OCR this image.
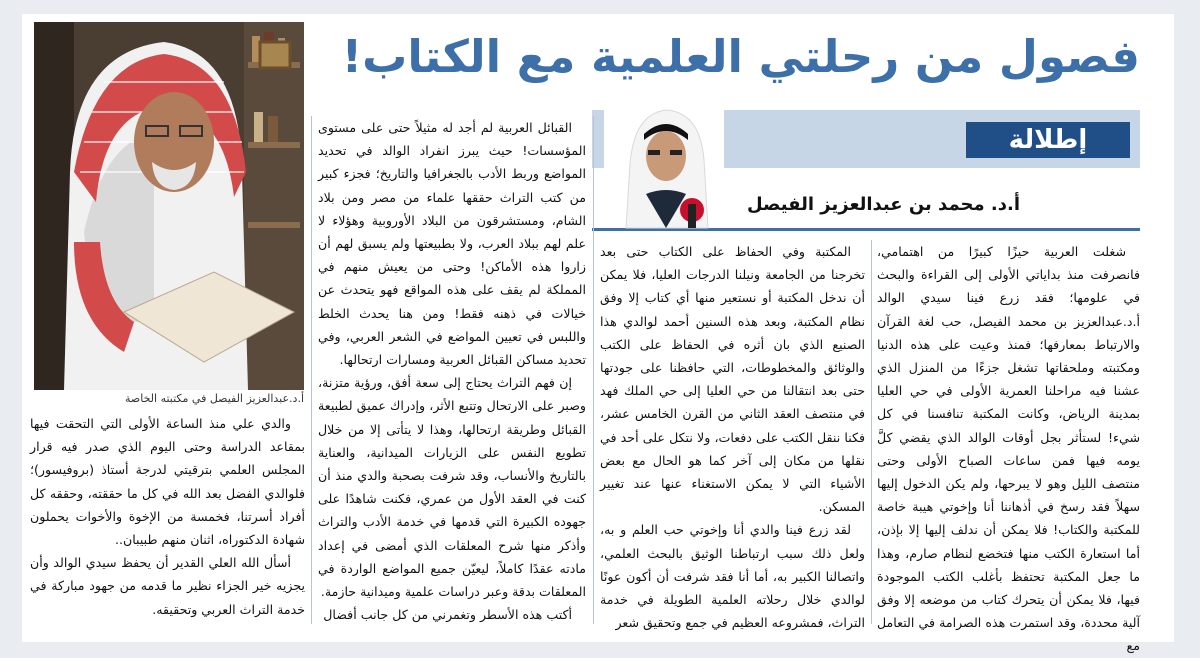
فصول من رحلتي العلمية مع الكتاب!
إطلالة
أ.د. محمد بن عبدالعزيز الفيصل
أ.د.عبدالعزيز الفيصل في مكتبته الخاصة

شغلت العربية حيزًا كبيرًا من اهتمامي، فانصرفت منذ بداياتي الأولى إلى القراءة والبحث في علومها؛ فقد زرع فينا سيدي الوالد أ.د.عبدالعزيز بن محمد الفيصل، حب لغة القرآن والارتباط بمعارفها؛ فمنذ وعيت على هذه الدنيا ومكتبته وملحقاتها تشغل جزءًا من المنزل الذي عشنا فيه مراحلنا العمرية الأولى في حي العليا بمدينة الرياض، وكانت المكتبة تنافسنا في كل شيء! لستأثر بجل أوقات الوالد الذي يقضي كلَّ يومه فيها فمن ساعات الصباح الأولى وحتى منتصف الليل وهو لا يبرحها، ولم يكن الدخول إليها سهلاً فقد رسخ في أذهاننا أنا وإخوتي هيبة خاصة للمكتبة والكتاب! فلا يمكن أن ندلف إليها إلا بإذن، أما استعارة الكتب منها فتخضع لنظام صارم، وهذا ما جعل المكتبة تحتفظ بأغلب الكتب الموجودة فيها، فلا يمكن أن يتحرك كتاب من موضعه إلا وفق آلية محددة، وقد استمرت هذه الصرامة في التعامل مع

المكتبة وفي الحفاظ على الكتاب حتى بعد تخرجنا من الجامعة ونيلنا الدرجات العليا، فلا يمكن أن ندخل المكتبة أو نستعير منها أي كتاب إلا وفق نظام المكتبة، وبعد هذه السنين أحمد لوالدي هذا الصنيع الذي بان أثره في الحفاظ على الكتب والوثائق والمخطوطات، التي حافظنا على جودتها حتى بعد انتقالنا من حي العليا إلى حي الملك فهد في منتصف العقد الثاني من القرن الخامس عشر، فكنا ننقل الكتب على دفعات، ولا نتكل على أحد في نقلها من مكان إلى آخر كما هو الحال مع بعض الأشياء التي لا يمكن الاستغناء عنها عند تغيير المسكن.

لقد زرع فينا والدي أنا وإخوتي حب العلم و به، ولعل ذلك سبب ارتباطنا الوثيق بالبحث العلمي، واتصالنا الكبير به، أما أنا فقد شرفت أن أكون عونًا لوالدي خلال رحلاته العلمية الطويلة في خدمة التراث، فمشروعه العظيم في جمع وتحقيق شعر

القبائل العربية لم أجد له مثيلاً حتى على مستوى المؤسسات! حيث يبرز انفراد الوالد في تحديد المواضع وربط الأدب بالجغرافيا والتاريخ؛ فجزء كبير من كتب التراث حققها علماء من مصر ومن بلاد الشام، ومستشرقون من البلاد الأوروبية وهؤلاء لا علم لهم ببلاد العرب، ولا بطبيعتها ولم يسبق لهم أن زاروا هذه الأماكن! وحتى من يعيش منهم في المملكة لم يقف على هذه المواقع فهو يتحدث عن خيالات في ذهنه فقط! ومن هنا يحدث الخلط واللبس في تعيين المواضع في الشعر العربي، وفي تحديد مساكن القبائل العربية ومسارات ارتحالها.

إن فهم التراث يحتاج إلى سعة أفق، ورؤية متزنة، وصبر على الارتحال وتتبع الأثر، وإدراك عميق لطبيعة القبائل وطريقة ارتحالها، وهذا لا يتأتى إلا من خلال تطويع النفس على الزيارات الميدانية، والعناية بالتاريخ والأنساب، وقد شرفت بصحبة والدي منذ أن كنت في العقد الأول من عمري، فكنت شاهدًا على جهوده الكبيرة التي قدمها في خدمة الأدب والتراث وأذكر منها شرح المعلقات الذي أمضى في إعداد مادته عقدًا كاملاً، ليعيّن جميع المواضع الواردة في المعلقات بدقة وعبر دراسات علمية وميدانية حازمة.

أكتب هذه الأسطر وتغمرني من كل جانب أفضال

والدي علي منذ الساعة الأولى التي التحقت فيها بمقاعد الدراسة وحتى اليوم الذي صدر فيه قرار المجلس العلمي بترقيتي لدرجة أستاذ (بروفيسور)؛ فلوالدي الفضل بعد الله في كل ما حققته، وحققه كل أفراد أسرتنا، فخمسة من الإخوة والأخوات يحملون شهادة الدكتوراه، اثنان منهم طبيبان..

أسأل الله العلي القدير أن يحفظ سيدي الوالد وأن يجزيه خير الجزاء نظير ما قدمه من جهود مباركة في خدمة التراث العربي وتحقيقه.
